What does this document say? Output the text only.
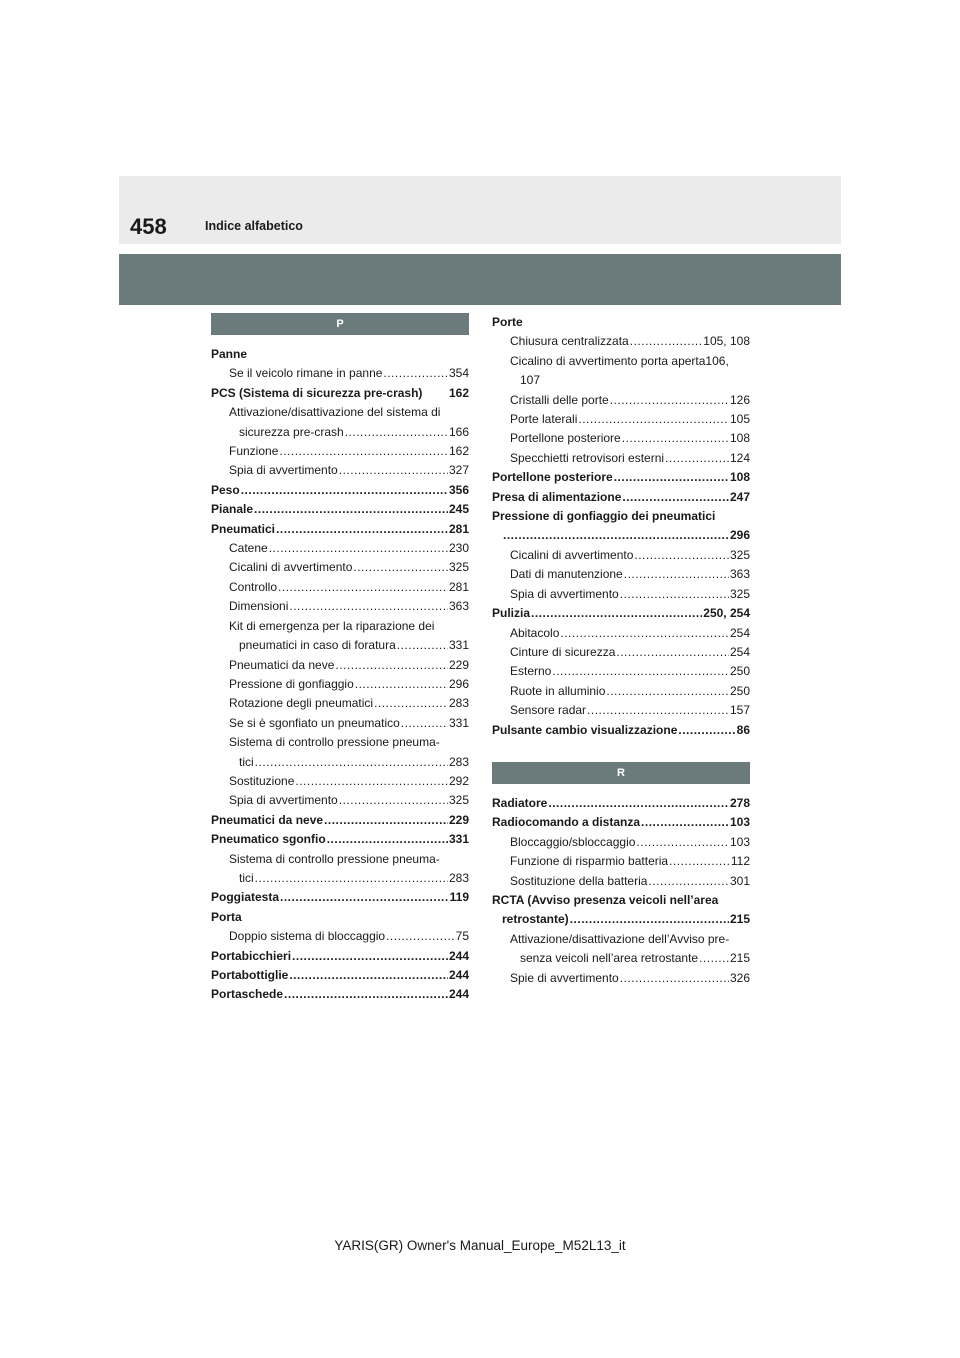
458	Indice alfabetico
P
Panne
Se il veicolo rimane in panne .....	354
PCS (Sistema di sicurezza pre-crash) 162
Attivazione/disattivazione del sistema di
sicurezza pre-crash .....	166
Funzione .....	162
Spia di avvertimento .....	327
Peso .....	356
Pianale .....	245
Pneumatici .....	281
Catene .....	230
Cicalini di avvertimento .....	325
Controllo .....	281
Dimensioni .....	363
Kit di emergenza per la riparazione dei
pneumatici in caso di foratura .....	331
Pneumatici da neve .....	229
Pressione di gonfiaggio .....	296
Rotazione degli pneumatici .....	283
Se si è sgonfiato un pneumatico .....	331
Sistema di controllo pressione pneuma-
tici .....	283
Sostituzione .....	292
Spia di avvertimento .....	325
Pneumatici da neve .....	229
Pneumatico sgonfio .....	331
Sistema di controllo pressione pneuma-
tici .....	283
Poggiatesta .....	119
Porta
Doppio sistema di bloccaggio .....	75
Portabicchieri .....	244
Portabottiglie .....	244
Portaschede .....	244
Porte
Chiusura centralizzata .....	105, 108
Cicalino di avvertimento porta aperta106,
107
Cristalli delle porte .....	126
Porte laterali .....	105
Portellone posteriore .....	108
Specchietti retrovisori esterni .....	124
Portellone posteriore .....	108
Presa di alimentazione .....	247
Pressione di gonfiaggio dei pneumatici
.....
296
Cicalini di avvertimento .....	325
Dati di manutenzione .....	363
Spia di avvertimento .....	325
Pulizia .....	250, 254
Abitacolo .....	254
Cinture di sicurezza .....	254
Esterno .....	250
Ruote in alluminio .....	250
Sensore radar .....	157
Pulsante cambio visualizzazione .....	86
R
Radiatore .....	278
Radiocomando a distanza .....	103
Bloccaggio/sbloccaggio .....	103
Funzione di risparmio batteria .....	112
Sostituzione della batteria .....	301
RCTA (Avviso presenza veicoli nell’area
retrostante) .....	215
Attivazione/disattivazione dell’Avviso pre-
senza veicoli nell’area retrostante .....	215
Spie di avvertimento .....	326
YARIS(GR) Owner's Manual_Europe_M52L13_it
